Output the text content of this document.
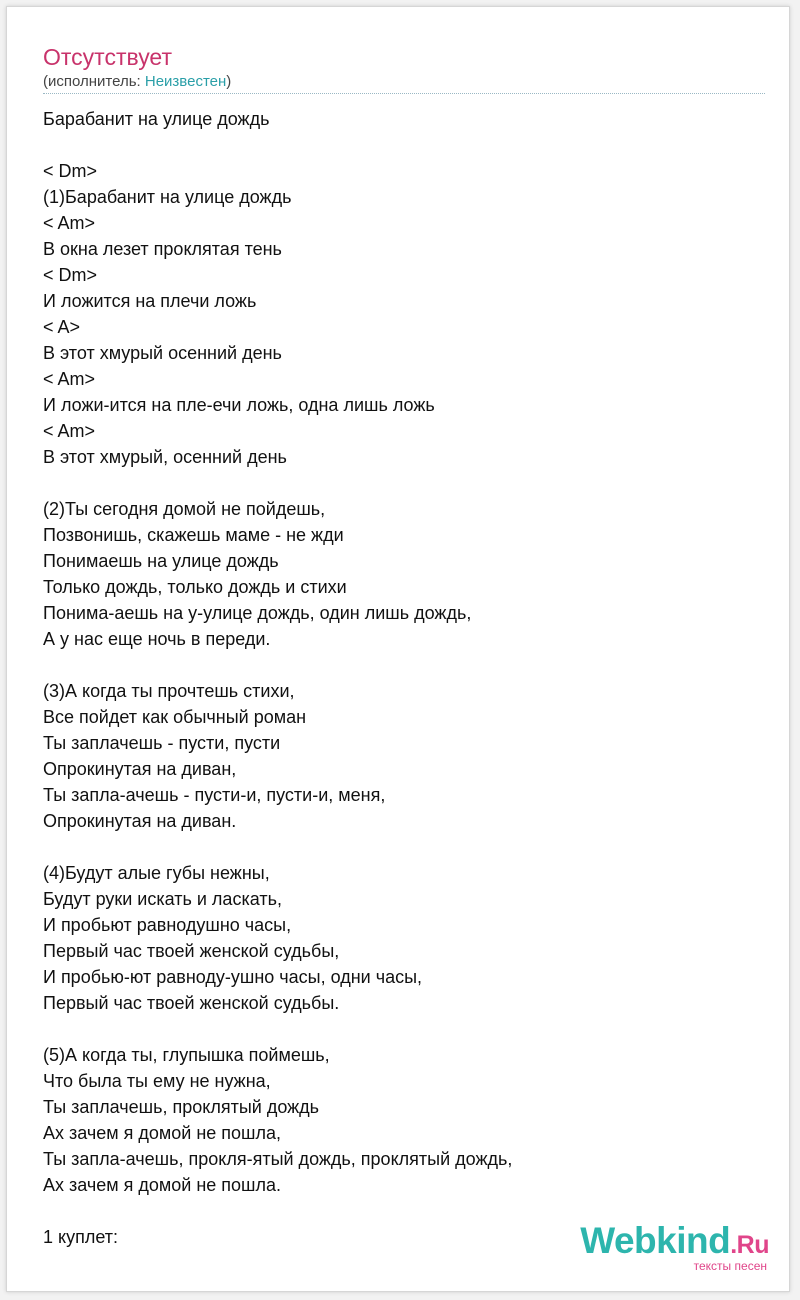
Отсутствует
(исполнитель: Неизвестен)
Барабанит на улице дождь
< Dm>
(1)Барабанит на улице дождь
< Am>
В окна лезет проклятая тень
< Dm>
И ложится на плечи ложь
< A>
В этот хмурый осенний день
< Am>
И ложи-ится на пле-ечи ложь, одна лишь ложь
< Am>
В этот хмурый, осенний день
(2)Ты сегодня домой не пойдешь,
Позвонишь, скажешь маме - не жди
Понимаешь на улице дождь
Только дождь, только дождь и стихи
Понима-аешь на у-улице дождь, один лишь дождь,
А у нас еще ночь в переди.
(3)А когда ты прочтешь стихи,
Все пойдет как обычный роман
Ты заплачешь - пусти, пусти
Опрокинутая на диван,
Ты запла-ачешь - пусти-и, пусти-и, меня,
Опрокинутая на диван.
(4)Будут алые губы нежны,
Будут руки искать и ласкать,
И пробьют равнодушно часы,
Первый час твоей женской судьбы,
И пробью-ют равноду-ушно часы, одни часы,
Первый час твоей женской судьбы.
(5)А когда ты, глупышка поймешь,
Что была ты ему не нужна,
Ты заплачешь, проклятый дождь
Ах зачем я домой не пошла,
Ты запла-ачешь, прокля-ятый дождь, проклятый дождь,
Ах зачем я домой не пошла.
1 куплет:	Webkind.Ru
тексты песен
